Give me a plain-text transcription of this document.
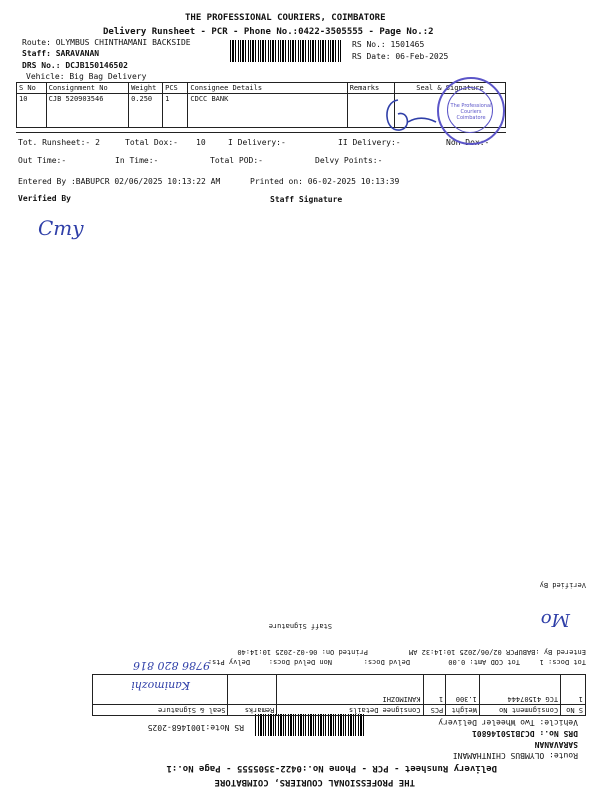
THE PROFESSIONAL COURIERS, COIMBATORE
Delivery Runsheet - PCR - Phone No.:0422-3505555 - Page No.:2
Route: OLYMBUS CHINTHAMANI BACKSIDE
Staff: SARAVANAN
DRS No.: DCJB150146502
Vehicle: Big Bag Delivery
RS No.: 1501465
RS Date: 06-Feb-2025
S No	Consignment No	Weight	PCS	Consignee Details	Remarks	Seal & Signature
10	CJB 520903546	0.250	1	CDCC BANK		
Tot. Runsheet:- 2	Total Dox:- 10	I Delivery:-	II Delivery:-	Non Dox:-
Out Time:-	In Time:-	Total POD:-	Delvy Points:-
Entered By :BABUPCR 02/06/2025 10:13:22 AM	Printed on: 06-02-2025 10:13:39
Verified By	Staff Signature
The Professional Couriers Coimbatore
Cmy
THE PROFESSIONAL COURIERS, COIMBATORE
Delivery Runsheet - PCR - Phone No.:0422-3505555 - Page No.:1
Route: OLYMBUS CHINTHAMANI
SARAVANAN
DRS No.: DCJB150146801
Vehicle: Two Wheeler Delivery
RS Note:1001468-2025
S No	Consignment No	Weight	PCS	Consignee Details	Remarks	Seal & Signature
1	TCG 41507444	1.300	1	KANIMOZHI		
Tot Docs: 1
Tot COD Amt: 0.00
Delvd Docs:
Non Delvd Docs:
Delvy Pts:
Entered By :BABUPCR 02/06/2025 10:14:32 AM
Printed On: 06-02-2025 10:14:40
Staff Signature
Verified By
9786 820 816
Kanimozhi
Mo
